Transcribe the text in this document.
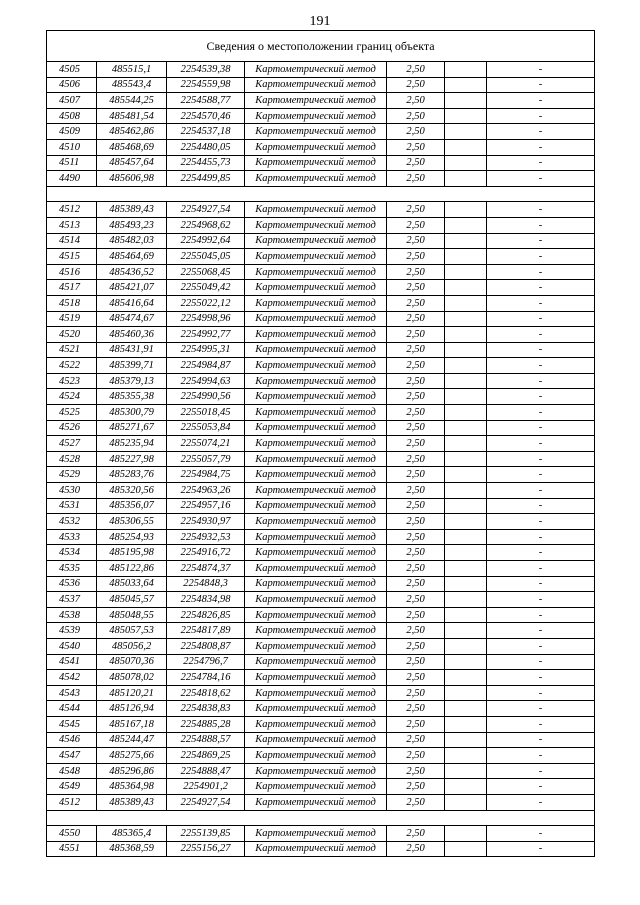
191
Сведения о местоположении границ объекта						
4505	485515,1	2254539,38	Картометрический метод	2,50		-
4506	485543,4	2254559,98	Картометрический метод	2,50		-
4507	485544,25	2254588,77	Картометрический метод	2,50		-
4508	485481,54	2254570,46	Картометрический метод	2,50		-
4509	485462,86	2254537,18	Картометрический метод	2,50		-
4510	485468,69	2254480,05	Картометрический метод	2,50		-
4511	485457,64	2254455,73	Картометрический метод	2,50		-
4490	485606,98	2254499,85	Картометрический метод	2,50		-

4512	485389,43	2254927,54	Картометрический метод	2,50		-
4513	485493,23	2254968,62	Картометрический метод	2,50		-
4514	485482,03	2254992,64	Картометрический метод	2,50		-
4515	485464,69	2255045,05	Картометрический метод	2,50		-
4516	485436,52	2255068,45	Картометрический метод	2,50		-
4517	485421,07	2255049,42	Картометрический метод	2,50		-
4518	485416,64	2255022,12	Картометрический метод	2,50		-
4519	485474,67	2254998,96	Картометрический метод	2,50		-
4520	485460,36	2254992,77	Картометрический метод	2,50		-
4521	485431,91	2254995,31	Картометрический метод	2,50		-
4522	485399,71	2254984,87	Картометрический метод	2,50		-
4523	485379,13	2254994,63	Картометрический метод	2,50		-
4524	485355,38	2254990,56	Картометрический метод	2,50		-
4525	485300,79	2255018,45	Картометрический метод	2,50		-
4526	485271,67	2255053,84	Картометрический метод	2,50		-
4527	485235,94	2255074,21	Картометрический метод	2,50		-
4528	485227,98	2255057,79	Картометрический метод	2,50		-
4529	485283,76	2254984,75	Картометрический метод	2,50		-
4530	485320,56	2254963,26	Картометрический метод	2,50		-
4531	485356,07	2254957,16	Картометрический метод	2,50		-
4532	485306,55	2254930,97	Картометрический метод	2,50		-
4533	485254,93	2254932,53	Картометрический метод	2,50		-
4534	485195,98	2254916,72	Картометрический метод	2,50		-
4535	485122,86	2254874,37	Картометрический метод	2,50		-
4536	485033,64	2254848,3	Картометрический метод	2,50		-
4537	485045,57	2254834,98	Картометрический метод	2,50		-
4538	485048,55	2254826,85	Картометрический метод	2,50		-
4539	485057,53	2254817,89	Картометрический метод	2,50		-
4540	485056,2	2254808,87	Картометрический метод	2,50		-
4541	485070,36	2254796,7	Картометрический метод	2,50		-
4542	485078,02	2254784,16	Картометрический метод	2,50		-
4543	485120,21	2254818,62	Картометрический метод	2,50		-
4544	485126,94	2254838,83	Картометрический метод	2,50		-
4545	485167,18	2254885,28	Картометрический метод	2,50		-
4546	485244,47	2254888,57	Картометрический метод	2,50		-
4547	485275,66	2254869,25	Картометрический метод	2,50		-
4548	485296,86	2254888,47	Картометрический метод	2,50		-
4549	485364,98	2254901,2	Картометрический метод	2,50		-
4512	485389,43	2254927,54	Картометрический метод	2,50		-

4550	485365,4	2255139,85	Картометрический метод	2,50		-
4551	485368,59	2255156,27	Картометрический метод	2,50		-
